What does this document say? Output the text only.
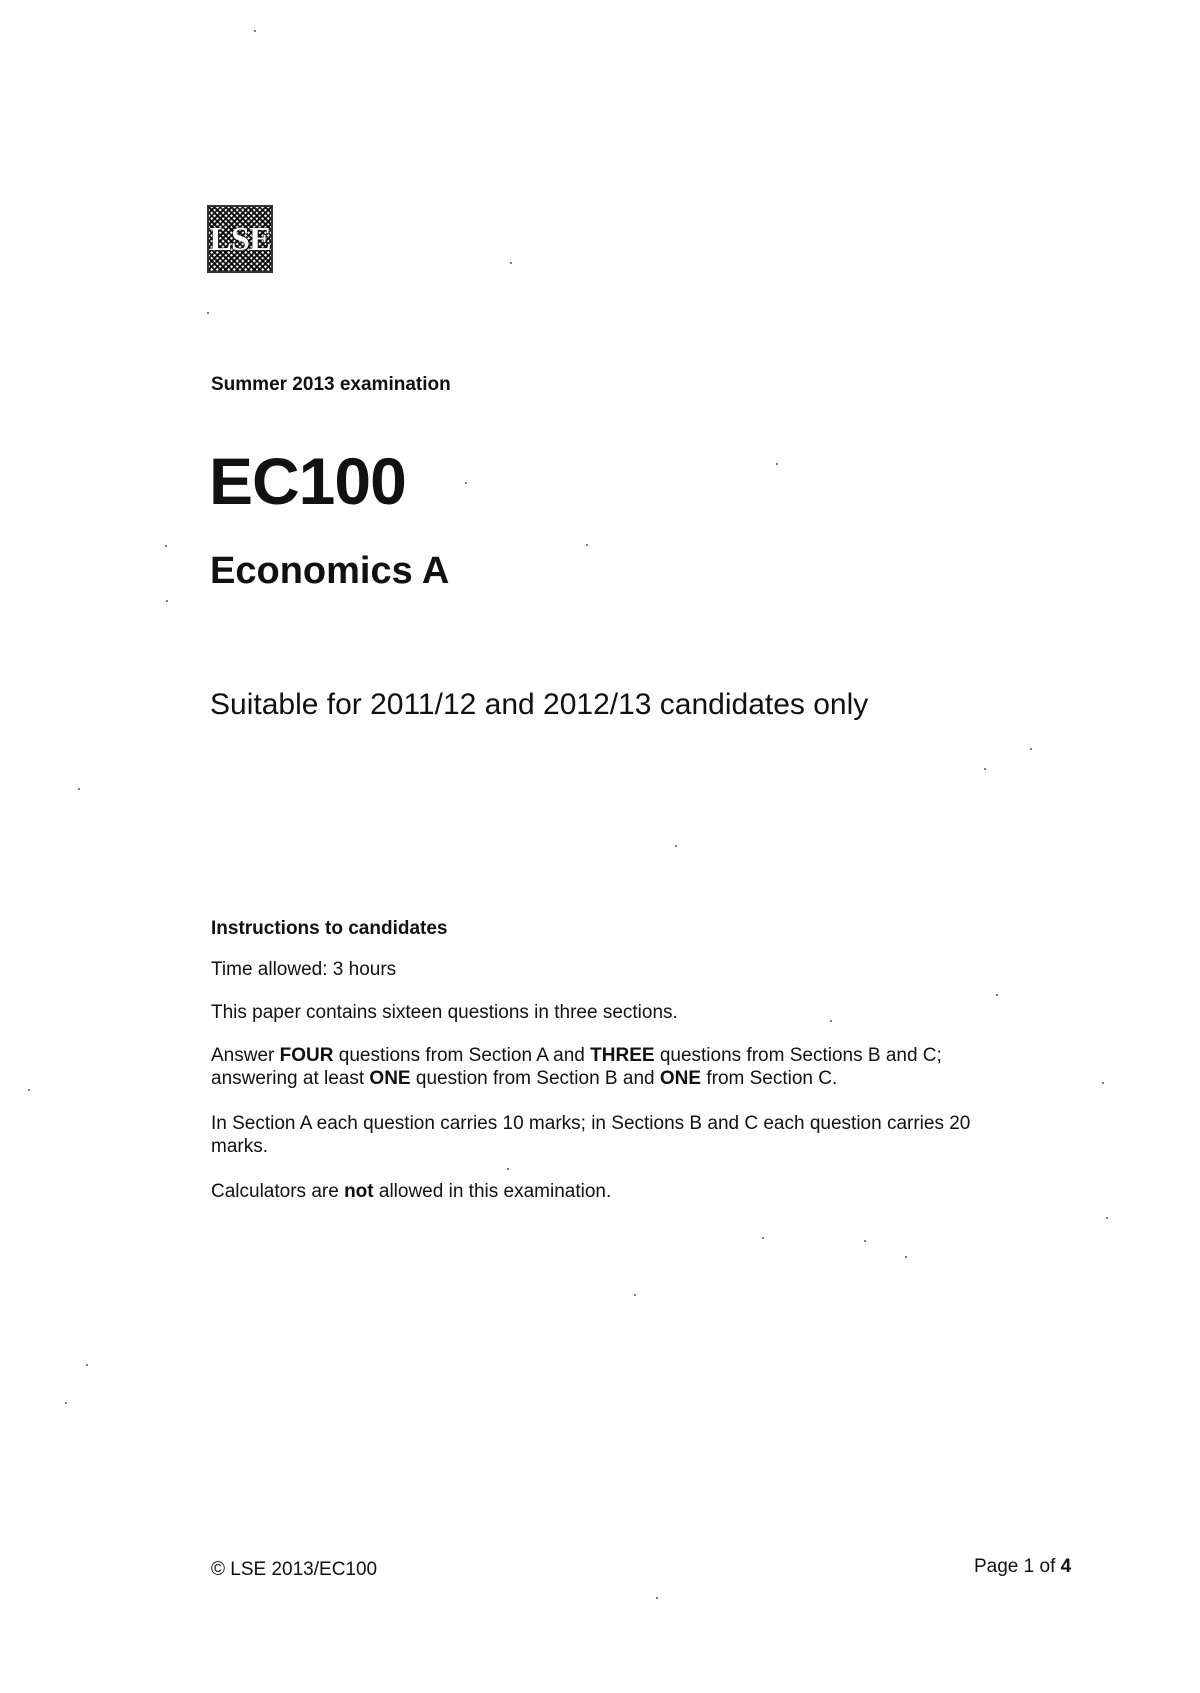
LSE
Summer 2013 examination
EC100
Economics A
Suitable for 2011/12 and 2012/13 candidates only
Instructions to candidates

Time allowed: 3 hours

This paper contains sixteen questions in three sections.

Answer FOUR questions from Section A and THREE questions from Sections B and C; answering at least ONE question from Section B and ONE from Section C.

In Section A each question carries 10 marks; in Sections B and C each question carries 20 marks.

Calculators are not allowed in this examination.

© LSE 2013/EC100	Page 1 of 4
